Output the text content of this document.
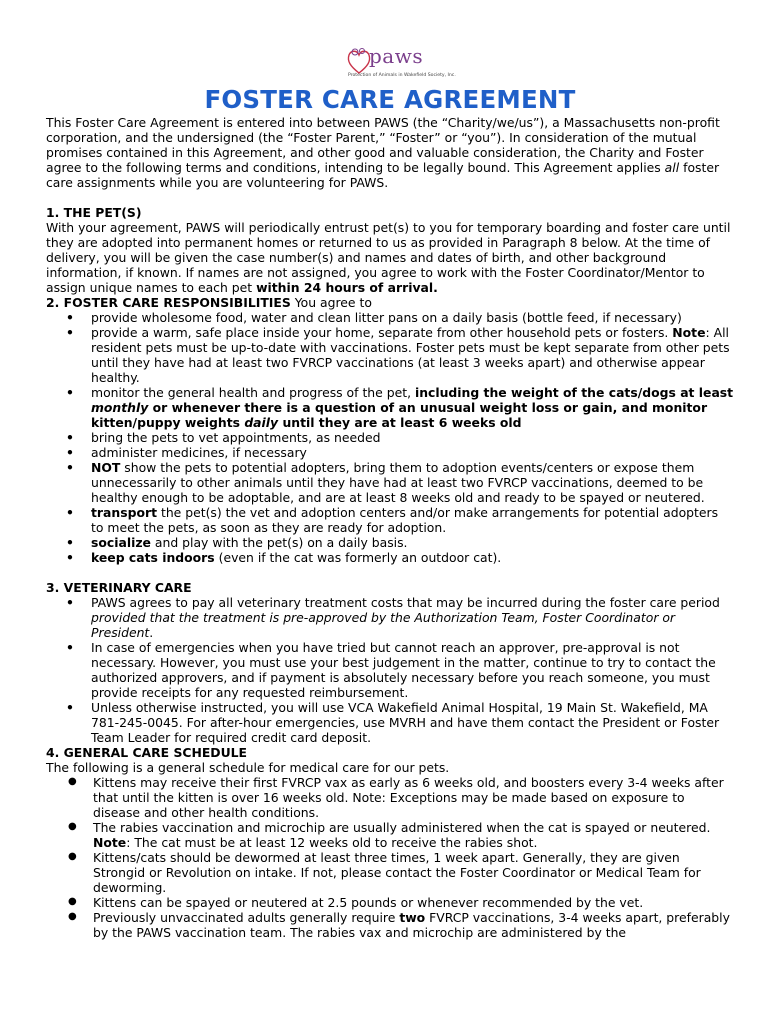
paws
Protection of Animals in Wakefield Society, Inc.
FOSTER CARE AGREEMENT

This Foster Care Agreement is entered into between PAWS (the “Charity/we/us”), a Massachusetts non-profit corporation, and the undersigned (the “Foster Parent,” “Foster” or “you”). In consideration of the mutual promises contained in this Agreement, and other good and valuable consideration, the Charity and Foster agree to the following terms and conditions, intending to be legally bound. This Agreement applies all foster care assignments while you are volunteering for PAWS.

1. THE PET(S)

With your agreement, PAWS will periodically entrust pet(s) to you for temporary boarding and foster care until they are adopted into permanent homes or returned to us as provided in Paragraph 8 below. At the time of delivery, you will be given the case number(s) and names and dates of birth, and other background information, if known. If names are not assigned, you agree to work with the Foster Coordinator/Mentor to assign unique names to each pet within 24 hours of arrival.

2. FOSTER CARE RESPONSIBILITIES You agree to
• provide wholesome food, water and clean litter pans on a daily basis (bottle feed, if necessary)
• provide a warm, safe place inside your home, separate from other household pets or fosters. Note: All resident pets must be up-to-date with vaccinations. Foster pets must be kept separate from other pets until they have had at least two FVRCP vaccinations (at least 3 weeks apart) and otherwise appear healthy.
• monitor the general health and progress of the pet, including the weight of the cats/dogs at least monthly or whenever there is a question of an unusual weight loss or gain, and monitor kitten/puppy weights daily until they are at least 6 weeks old
• bring the pets to vet appointments, as needed
• administer medicines, if necessary
• NOT show the pets to potential adopters, bring them to adoption events/centers or expose them unnecessarily to other animals until they have had at least two FVRCP vaccinations, deemed to be healthy enough to be adoptable, and are at least 8 weeks old and ready to be spayed or neutered.
• transport the pet(s) the vet and adoption centers and/or make arrangements for potential adopters to meet the pets, as soon as they are ready for adoption.
• socialize and play with the pet(s) on a daily basis.
• keep cats indoors (even if the cat was formerly an outdoor cat).
3. VETERINARY CARE
• PAWS agrees to pay all veterinary treatment costs that may be incurred during the foster care period provided that the treatment is pre-approved by the Authorization Team, Foster Coordinator or President.
• In case of emergencies when you have tried but cannot reach an approver, pre-approval is not necessary. However, you must use your best judgement in the matter, continue to try to contact the authorized approvers, and if payment is absolutely necessary before you reach someone, you must provide receipts for any requested reimbursement.
• Unless otherwise instructed, you will use VCA Wakefield Animal Hospital, 19 Main St. Wakefield, MA 781-245-0045. For after-hour emergencies, use MVRH and have them contact the President or Foster Team Leader for required credit card deposit.
4. GENERAL CARE SCHEDULE

The following is a general schedule for medical care for our pets.

● Kittens may receive their first FVRCP vax as early as 6 weeks old, and boosters every 3-4 weeks after that until the kitten is over 16 weeks old. Note: Exceptions may be made based on exposure to disease and other health conditions.
● The rabies vaccination and microchip are usually administered when the cat is spayed or neutered. Note: The cat must be at least 12 weeks old to receive the rabies shot.
● Kittens/cats should be dewormed at least three times, 1 week apart. Generally, they are given Strongid or Revolution on intake. If not, please contact the Foster Coordinator or Medical Team for deworming.
● Kittens can be spayed or neutered at 2.5 pounds or whenever recommended by the vet.
● Previously unvaccinated adults generally require two FVRCP vaccinations, 3-4 weeks apart, preferably by the PAWS vaccination team. The rabies vax and microchip are administered by the
